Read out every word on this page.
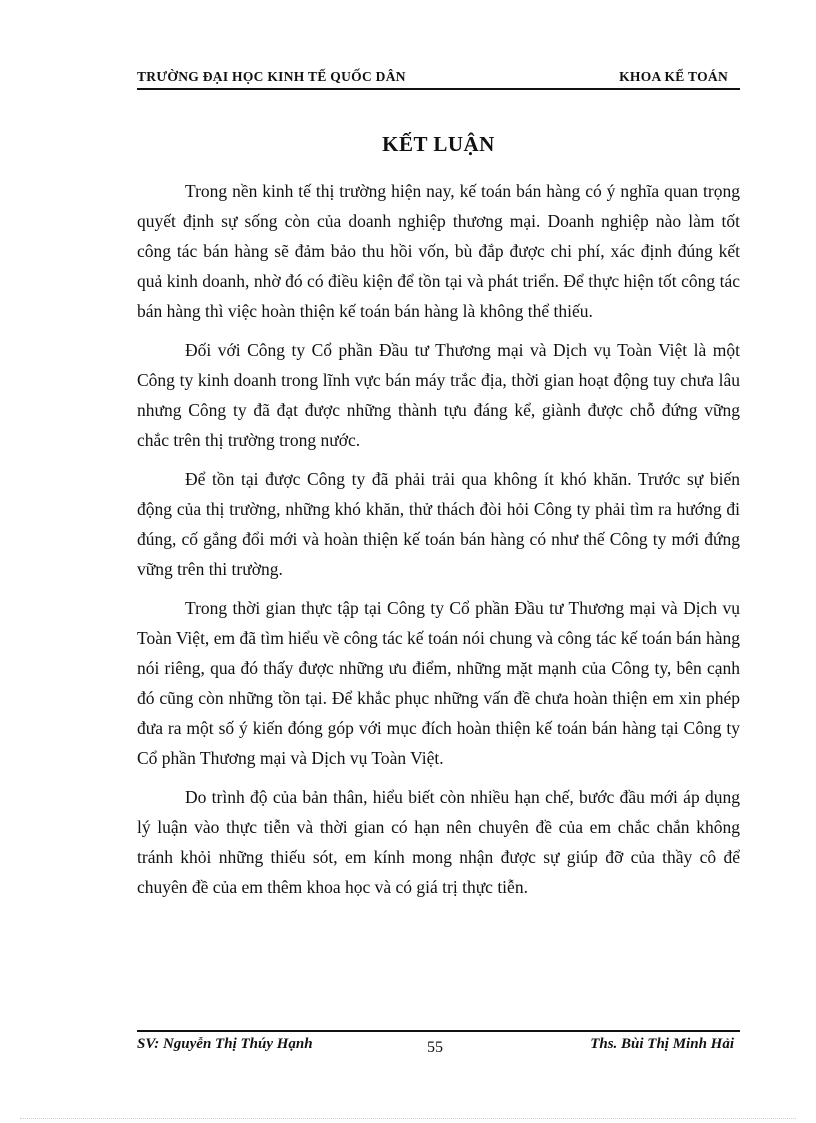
TRƯỜNG ĐẠI HỌC KINH TẾ QUỐC DÂN	KHOA KẾ TOÁN
KẾT LUẬN

Trong nền kinh tế thị trường hiện nay, kế toán bán hàng có ý nghĩa quan trọng quyết định sự sống còn của doanh nghiệp thương mại. Doanh nghiệp nào làm tốt công tác bán hàng sẽ đảm bảo thu hồi vốn, bù đắp được chi phí, xác định đúng kết quả kinh doanh, nhờ đó có điều kiện để tồn tại và phát triển. Để thực hiện tốt công tác bán hàng thì việc hoàn thiện kế toán bán hàng là không thể thiếu.

Đối với Công ty Cổ phần Đầu tư Thương mại và Dịch vụ Toàn Việt là một Công ty kinh doanh trong lĩnh vực bán máy trắc địa, thời gian hoạt động tuy chưa lâu nhưng Công ty đã đạt được những thành tựu đáng kể, giành được chỗ đứng vững chắc trên thị trường trong nước.

Để tồn tại được Công ty đã phải trải qua không ít khó khăn. Trước sự biến động của thị trường, những khó khăn, thử thách đòi hỏi Công ty phải tìm ra hướng đi đúng, cố gắng đổi mới và hoàn thiện kế toán bán hàng có như thế Công ty mới đứng vững trên thi trường.

Trong thời gian thực tập tại Công ty Cổ phần Đầu tư Thương mại và Dịch vụ Toàn Việt, em đã tìm hiểu về công tác kế toán nói chung và công tác kế toán bán hàng nói riêng, qua đó thấy được những ưu điểm, những mặt mạnh của Công ty, bên cạnh đó cũng còn những tồn tại. Để khắc phục những vấn đề chưa hoàn thiện em xin phép đưa ra một số ý kiến đóng góp với mục đích hoàn thiện kế toán bán hàng tại Công ty Cổ phần Thương mại và Dịch vụ Toàn Việt.

Do trình độ của bản thân, hiểu biết còn nhiều hạn chế, bước đầu mới áp dụng lý luận vào thực tiễn và thời gian có hạn nên chuyên đề của em chắc chắn không tránh khỏi những thiếu sót, em kính mong nhận được sự giúp đỡ của thầy cô để chuyên đề của em thêm khoa học và có giá trị thực tiễn.

SV: Nguyễn Thị Thúy Hạnh	55	Ths. Bùi Thị Minh Hải
